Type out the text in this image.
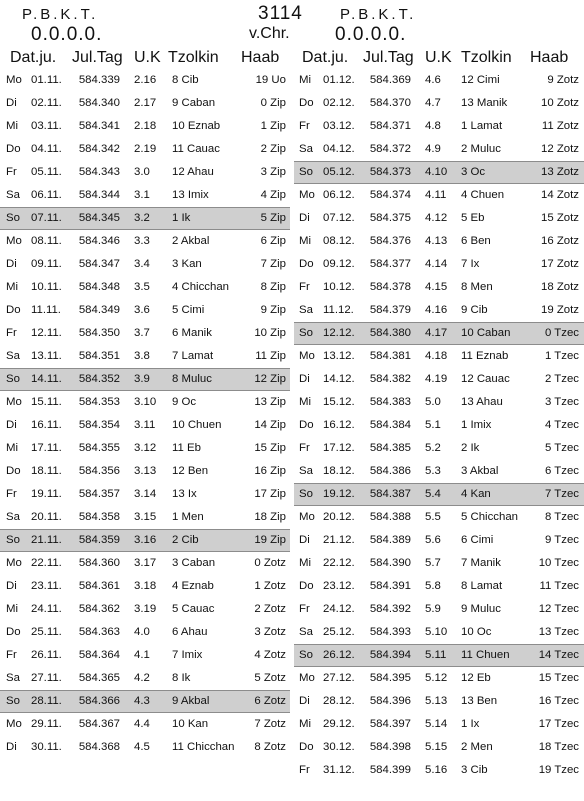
P.B.K.T.
0.0.0.0.
3114
v.Chr.
P.B.K.T.
0.0.0.0.
Dat.ju. Jul.Tag U.K Tzolkin Haab Dat.ju. Jul.Tag U.K Tzolkin Haab
Mo 01.11. 584.339 2.16 8 Cib	19 Uo
Di 02.11. 584.340 2.17 9 Caban	0 Zip
Mi 03.11. 584.341 2.18 10 Eznab	1 Zip
Do 04.11. 584.342 2.19 11 Cauac	2 Zip
Fr 05.11. 584.343 3.0 12 Ahau	3 Zip
Sa 06.11. 584.344 3.1 13 Imix	4 Zip
So 07.11. 584.345 3.2 1 Ik	5 Zip
Mo 08.11. 584.346 3.3 2 Akbal	6 Zip
Di 09.11. 584.347 3.4 3 Kan	7 Zip
Mi 10.11. 584.348 3.5 4 Chicchan	8 Zip
Do 11.11. 584.349 3.6 5 Cimi	9 Zip
Fr 12.11. 584.350 3.7 6 Manik	10 Zip
Sa 13.11. 584.351 3.8 7 Lamat	11 Zip
So 14.11. 584.352 3.9 8 Muluc	12 Zip
Mo 15.11. 584.353 3.10 9 Oc	13 Zip
Di 16.11. 584.354 3.11 10 Chuen	14 Zip
Mi 17.11. 584.355 3.12 11 Eb	15 Zip
Do 18.11. 584.356 3.13 12 Ben	16 Zip
Fr 19.11. 584.357 3.14 13 Ix	17 Zip
Sa 20.11. 584.358 3.15 1 Men	18 Zip
So 21.11. 584.359 3.16 2 Cib	19 Zip
Mo 22.11. 584.360 3.17 3 Caban	0 Zotz
Di 23.11. 584.361 3.18 4 Eznab	1 Zotz
Mi 24.11. 584.362 3.19 5 Cauac	2 Zotz
Do 25.11. 584.363 4.0 6 Ahau	3 Zotz
Fr 26.11. 584.364 4.1 7 Imix	4 Zotz
Sa 27.11. 584.365 4.2 8 Ik	5 Zotz
So 28.11. 584.366 4.3 9 Akbal	6 Zotz
Mo 29.11. 584.367 4.4 10 Kan	7 Zotz
Di 30.11. 584.368 4.5 11 Chicchan 8 Zotz
Mi 01.12. 584.369 4.6 12 Cimi	9 Zotz
Do 02.12. 584.370 4.7 13 Manik	10 Zotz
Fr 03.12. 584.371 4.8 1 Lamat	11 Zotz
Sa 04.12. 584.372 4.9 2 Muluc	12 Zotz
So 05.12. 584.373 4.10 3 Oc	13 Zotz
Mo 06.12. 584.374 4.11 4 Chuen	14 Zotz
Di 07.12. 584.375 4.12 5 Eb	15 Zotz
Mi 08.12. 584.376 4.13 6 Ben	16 Zotz
Do 09.12. 584.377 4.14 7 Ix	17 Zotz
Fr 10.12. 584.378 4.15 8 Men	18 Zotz
Sa 11.12. 584.379 4.16 9 Cib	19 Zotz
So 12.12. 584.380 4.17 10 Caban	0 Tzec
Mo 13.12. 584.381 4.18 11 Eznab	1 Tzec
Di 14.12. 584.382 4.19 12 Cauac	2 Tzec
Mi 15.12. 584.383 5.0 13 Ahau	3 Tzec
Do 16.12. 584.384 5.1 1 Imix	4 Tzec
Fr 17.12. 584.385 5.2 2 Ik	5 Tzec
Sa 18.12. 584.386 5.3 3 Akbal	6 Tzec
So 19.12. 584.387 5.4 4 Kan	7 Tzec
Mo 20.12. 584.388 5.5 5 Chicchan 8 Tzec
Di 21.12. 584.389 5.6 6 Cimi	9 Tzec
Mi 22.12. 584.390 5.7 7 Manik	10 Tzec
Do 23.12. 584.391 5.8 8 Lamat	11 Tzec
Fr 24.12. 584.392 5.9 9 Muluc	12 Tzec
Sa 25.12. 584.393 5.10 10 Oc	13 Tzec
So 26.12. 584.394 5.11 11 Chuen	14 Tzec
Mo 27.12. 584.395 5.12 12 Eb	15 Tzec
Di 28.12. 584.396 5.13 13 Ben	16 Tzec
Mi 29.12. 584.397 5.14 1 Ix	17 Tzec
Do 30.12. 584.398 5.15 2 Men	18 Tzec
Fr 31.12. 584.399 5.16 3 Cib	19 Tzec
